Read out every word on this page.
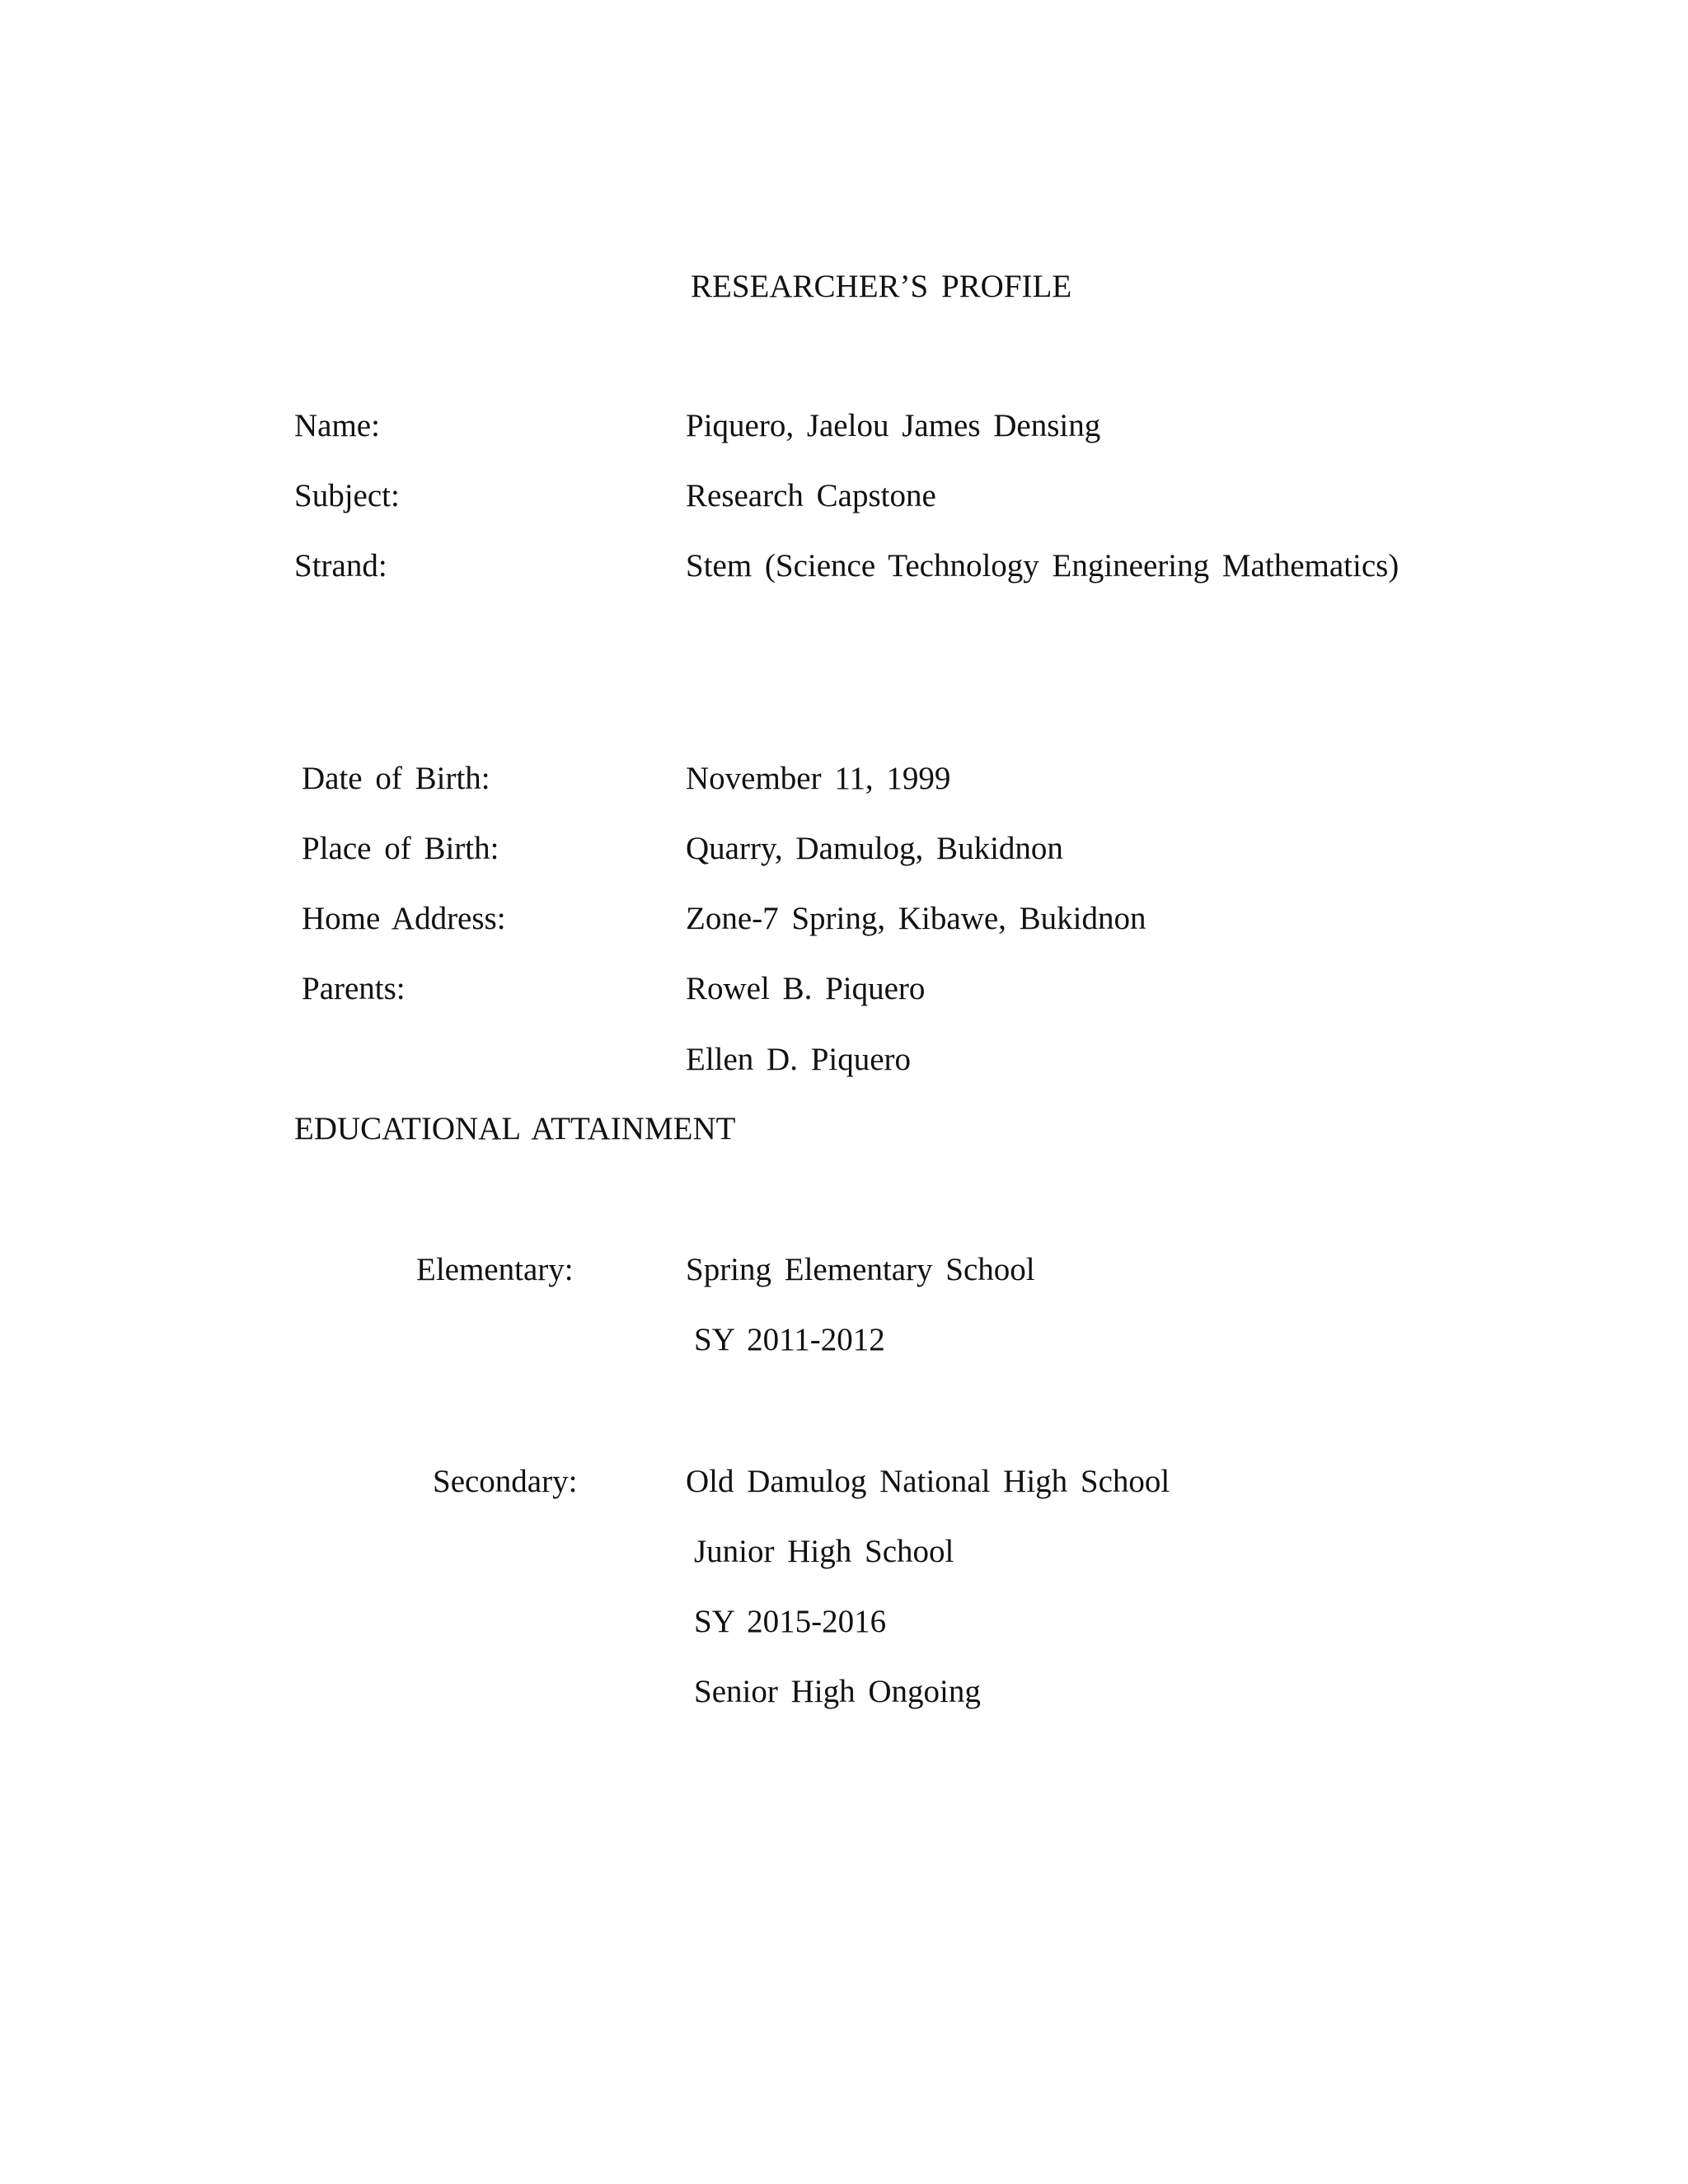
RESEARCHER’S PROFILE
Name:	Piquero, Jaelou James Densing
Subject:	Research Capstone
Strand:	Stem (Science Technology Engineering Mathematics)
Date of Birth:	November 11, 1999
Place of Birth:	Quarry, Damulog, Bukidnon
Home Address:	Zone-7 Spring, Kibawe, Bukidnon
Parents:	Rowel B. Piquero
Ellen D. Piquero
EDUCATIONAL ATTAINMENT
Elementary:	Spring Elementary School
SY 2011-2012
Secondary:	Old Damulog National High School
Junior High School
SY 2015-2016
Senior High Ongoing
